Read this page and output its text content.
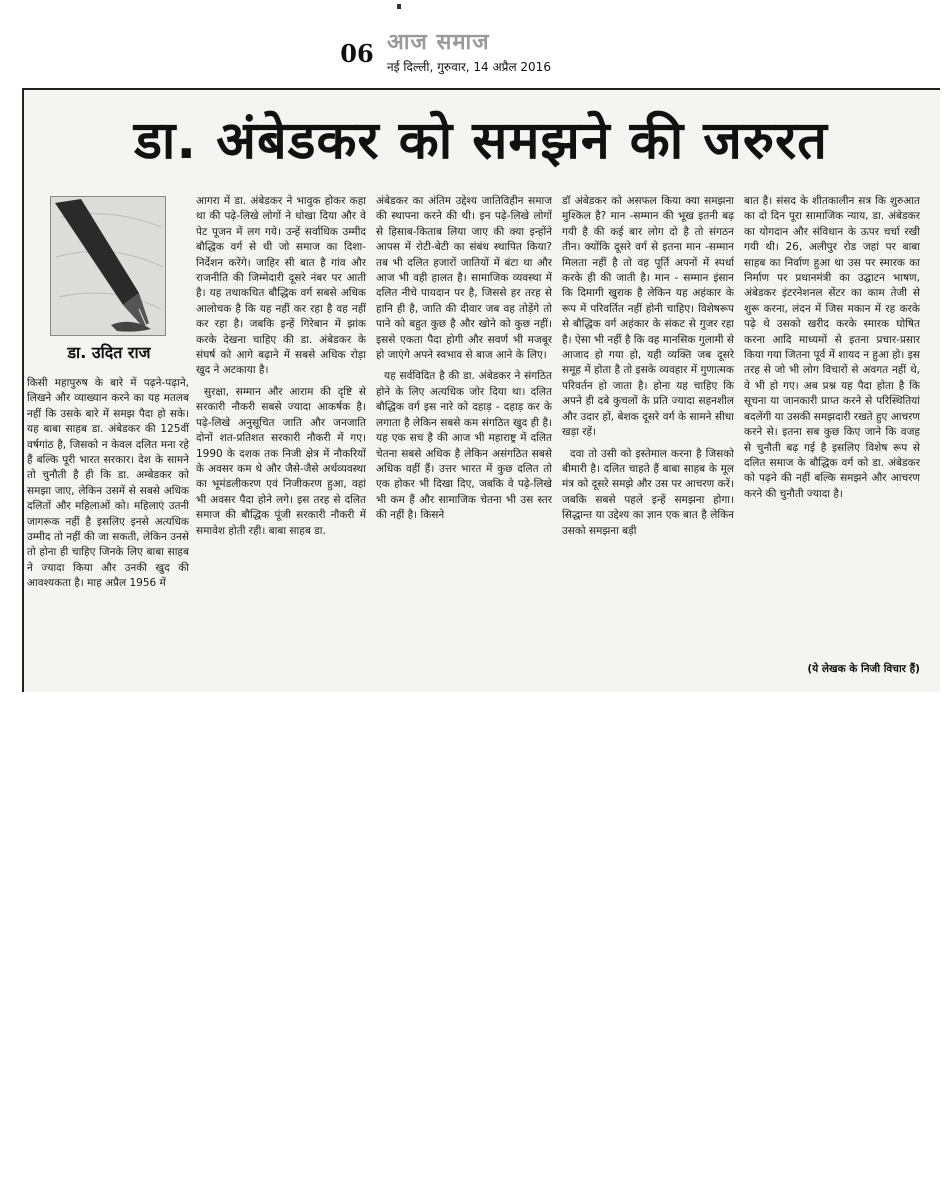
06 आज समाज
नई दिल्ली, गुरुवार, 14 अप्रैल 2016
डा. अंबेडकर को समझने की जरुरत
डा. उदित राज

किसी महापुरुष के बारे में पढ़ने-पढ़ाने, लिखने और व्याख्यान करने का यह मतलब नहीं कि उसके बारे में समझ पैदा हो सके। यह बाबा साहब डा. अंबेडकर की 125वीं वर्षगांठ है, जिसको न केवल दलित मना रहे हैं बल्कि पूरी भारत सरकार। देश के सामने तो चुनौती है ही कि डा. अम्बेडकर को समझा जाए, लेकिन उसमें से सबसे अधिक दलितों और महिलाओं को। महिलाएं उतनी जागरूक नहीं है इसलिए इनसे अत्यधिक उम्मीद तो नहीं की जा सकती, लेकिन उनसे तो होना ही चाहिए जिनके लिए बाबा साहब ने ज्यादा किया और उनकी खुद की आवश्यकता है। माह अप्रैल 1956 में

आगरा में डा. अंबेडकर ने भावुक होकर कहा था की पढ़े-लिखे लोगों ने धोखा दिया और वे पेट पूजन में लग गये। उन्हें सर्वाधिक उम्मीद बौद्धिक वर्ग से थी जो समाज का दिशा-निर्देशन करेंगे। जाहिर सी बात है गांव और राजनीति की जिम्मेदारी दूसरे नंबर पर आती है। यह तथाकथित बौद्धिक वर्ग सबसे अधिक आलोचक है कि यह नहीं कर रहा है वह नहीं कर रहा है। जबकि इन्हें गिरेबान में झांक करके देखना चाहिए की डा. अंबेडकर के संघर्ष को आगे बढ़ाने में सबसे अधिक रोड़ा खुद ने अटकाया है।

सुरक्षा, सम्मान और आराम की दृष्टि से सरकारी नौकरी सबसे ज्यादा आकर्षक है। पढ़े-लिखे अनुसूचित जाति और जनजाति दोनों शत-प्रतिशत सरकारी नौकरी में गए। 1990 के दशक तक निजी क्षेत्र में नौकरियों के अवसर कम थे और जैसे-जैसे अर्थव्यवस्था का भूमंडलीकरण एवं निजीकरण हुआ, वहां भी अवसर पैदा होने लगे। इस तरह से दलित समाज की बौद्धिक पूंजी सरकारी नौकरी में समावेश होती रही। बाबा साहब डा.

अंबेडकर का अंतिम उद्देश्य जातिविहीन समाज की स्थापना करने की थी। इन पढ़े-लिखे लोगों से हिसाब-किताब लिया जाए की क्या इन्होंने आपस में रोटी-बेटी का संबंध स्थापित किया? तब भी दलित हजारों जातियों में बंटा था और आज भी वही हालत है। सामाजिक व्यवस्था में दलित नीचे पायदान पर है, जिससे हर तरह से हानि ही है, जाति की दीवार जब वह तोड़ेंगे तो पाने को बहुत कुछ है और खोने को कुछ नहीं। इससे एकता पैदा होगी और सवर्ण भी मजबूर हो जाएंगे अपने स्वभाव से बाज आने के लिए।

यह सर्वविदित है की डा. अंबेडकर ने संगठित होने के लिए अत्यधिक जोर दिया था। दलित बौद्धिक वर्ग इस नारे को दहाड़ - दहाड़ कर के लगाता है लेकिन सबसे कम संगठित खुद ही है। यह एक सच है की आज भी महाराष्ट्र में दलित चेतना सबसे अधिक है लेकिन असंगठित सबसे अधिक वहीं हैं। उत्तर भारत में कुछ दलित तो एक होकर भी दिखा दिए, जबकि वे पढ़े-लिखे भी कम हैं और सामाजिक चेतना भी उस स्तर की नहीं है। किसने

डॉ अंबेडकर को असफल किया क्या समझना मुश्किल है? मान -सम्मान की भूख इतनी बढ़ गयी है की कई बार लोग दो है तो संगठन तीन। क्योंकि दूसरे वर्ग से इतना मान -सम्मान मिलता नहीं है तो वह पूर्ति अपनों में स्पर्धा करके ही की जाती है। मान - सम्मान इंसान कि दिमागी खुराक है लेकिन यह अहंकार के रूप में परिवर्तित नहीं होनी चाहिए। विशेषरूप से बौद्धिक वर्ग अहंकार के संकट से गुजर रहा है। ऐसा भी नहीं है कि वह मानसिक गुलामी से आजाद हो गया हो, यही व्यक्ति जब दूसरे समूह में होता है तो इसके व्यवहार में गुणात्मक परिवर्तन हो जाता है। होना यह चाहिए कि अपने ही दबे कुचलों के प्रति ज्यादा सहनशील और उदार हों, बेशक दूसरे वर्ग के सामने सीधा खड़ा रहें।

दवा तो उसी को इस्तेमाल करना है जिसको बीमारी है। दलित चाहते हैं बाबा साहब के मूल मंत्र को दूसरे समझे और उस पर आचरण करें। जबकि सबसे पहले इन्हें समझना होगा। सिद्धान्त या उद्देश्य का ज्ञान एक बात है लेकिन उसको समझना बड़ी

बात है। संसद के शीतकालीन सत्र कि शुरुआत का दो दिन पूरा सामाजिक न्याय, डा. अंबेडकर का योगदान और संविधान के ऊपर चर्चा रखी गयी थी। 26, अलीपुर रोड जहां पर बाबा साहब का निर्वाण हुआ था उस पर स्मारक का निर्माण पर प्रधानमंत्री का उद्घाटन भाषण, अंबेडकर इंटरनेशनल सेंटर का काम तेजी से शुरू करना, लंदन में जिस मकान में रह करके पढ़े थे उसको खरीद करके स्मारक घोषित करना आदि माध्यमों से इतना प्रचार-प्रसार किया गया जितना पूर्व में शायद न हुआ हो। इस तरह से जो भी लोग विचारों से अवगत नहीं थे, वे भी हो गए। अब प्रश्न यह पैदा होता है कि सूचना या जानकारी प्राप्त करने से परिस्थितियां बदलेंगी या उसकी समझदारी रखते हुए आचरण करने से। इतना सब कुछ किए जाने कि वजह से चुनौती बढ़ गई है इसलिए विशेष रूप से दलित समाज के बौद्धिक वर्ग को डा. अंबेडकर को पढ़ने की नहीं बल्कि समझने और आचरण करने की चुनौती ज्यादा है।

(ये लेखक के निजी विचार हैं)
